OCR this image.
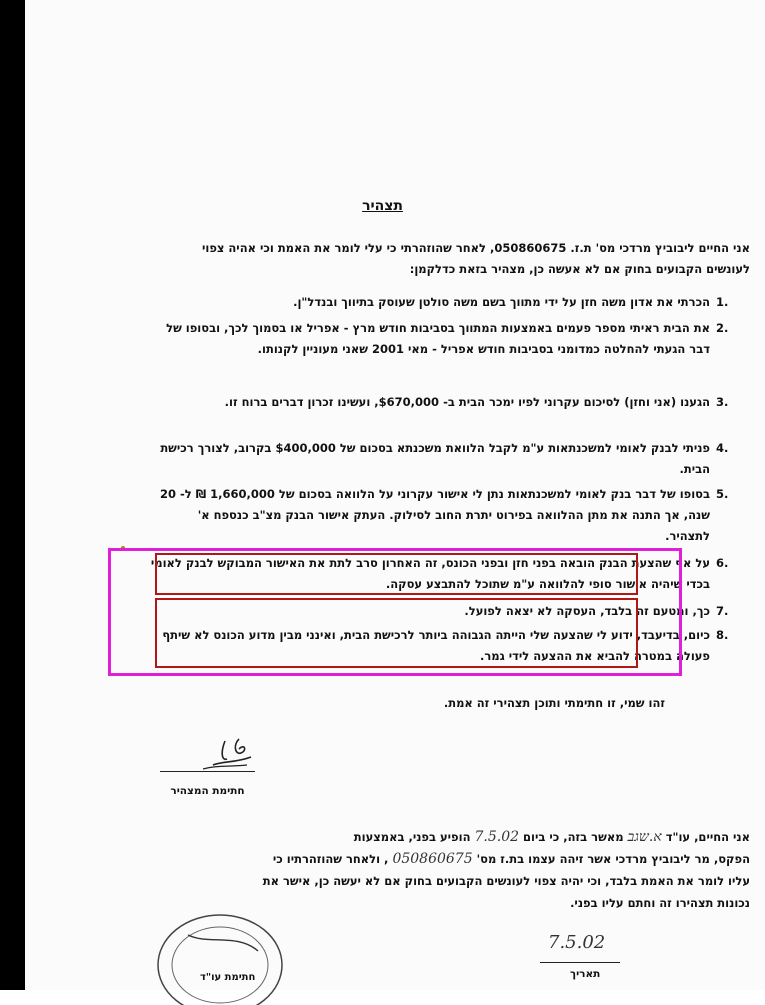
תצהיר
אני החיים ליבוביץ מרדכי מס' ת.ז. 050860675, לאחר שהוזהרתי כי עלי לומר את האמת וכי אהיה צפוי לעונשים הקבועים בחוק אם לא אעשה כן, מצהיר בזאת כדלקמן:
.1
הכרתי את אדון משה חזן על ידי מתווך בשם משה סולטן שעוסק בתיווך ובנדל"ן.
.2
את הבית ראיתי מספר פעמים באמצעות המתווך בסביבות חודש מרץ - אפריל או בסמוך לכך, ובסופו של דבר הגעתי להחלטה כמדומני בסביבות חודש אפריל - מאי 2001 שאני מעוניין לקנותו.
.3
הגענו (אני וחזן) לסיכום עקרוני לפיו ימכר הבית ב- $670,000, ועשינו זכרון דברים ברוח זו.
.4
פניתי לבנק לאומי למשכנתאות ע"מ לקבל הלוואת משכנתא בסכום של $400,000 בקרוב, לצורך רכישת הבית.
.5
בסופו של דבר בנק לאומי למשכנתאות נתן לי אישור עקרוני על הלוואה בסכום של 1,660,000 ₪ ל- 20 שנה, אך התנה את מתן ההלוואה בפירוט יתרת החוב לסילוק. העתק אישור הבנק מצ"ב כנספח א' לתצהיר.
.6
על אף שהצעת הבנק הובאה בפני חזן ובפני הכונס, זה האחרון סרב לתת את האישור המבוקש לבנק לאומי בכדי שיהיה אישור סופי להלוואה ע"מ שתוכל להתבצע עסקה.
.7
כך, ומטעם זה בלבד, העסקה לא יצאה לפועל.
.8
כיום, בדיעבד, ידוע לי שהצעה שלי הייתה הגבוהה ביותר לרכישת הבית, ואינני מבין מדוע הכונס לא שיתף פעולה במטרה להביא את ההצעה לידי גמר.
זהו שמי, זו חתימתי ותוכן תצהירי זה אמת.
חתימת המצהיר
אני החיים, עו"ד א.שגב מאשר בזה, כי ביום 7.5.02 הופיע בפני, באמצעות
הפקס, מר ליבוביץ מרדכי אשר זיהה עצמו בת.ז מס' 050860675 , ולאחר שהוזהרתיו כי
עליו לומר את האמת בלבד, וכי יהיה צפוי לעונשים הקבועים בחוק אם לא יעשה כן, אישר את
נכונות תצהירו זה וחתם עליו בפני.
חתימת עו"ד
7.5.02
תאריך
